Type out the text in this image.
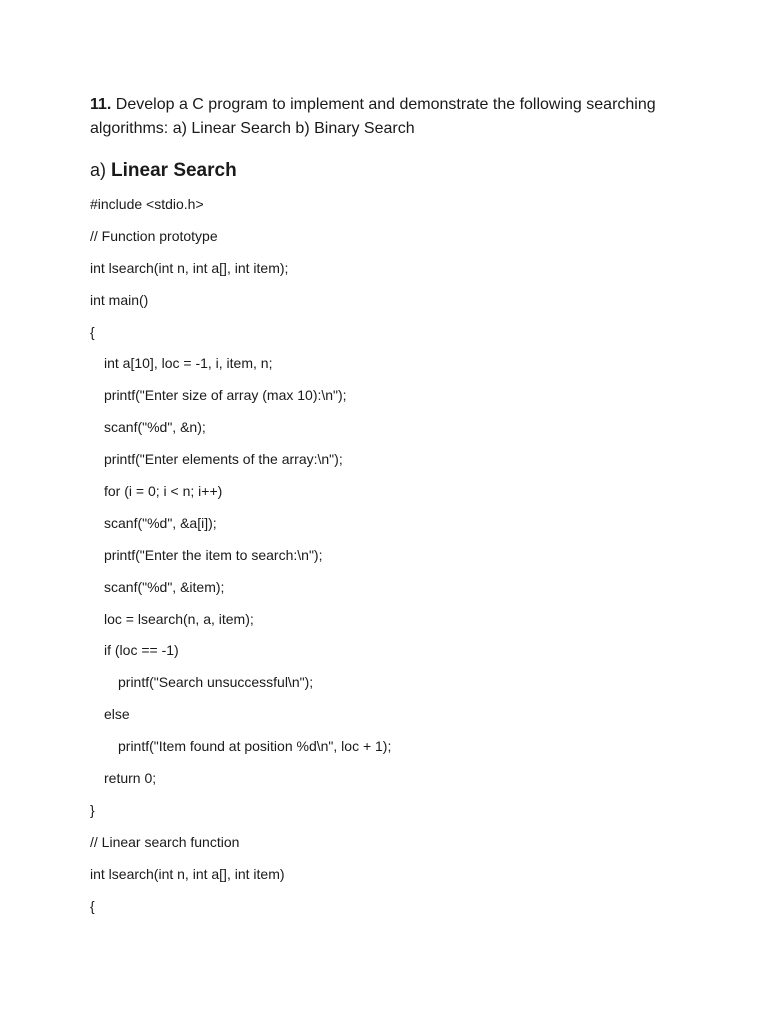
11. Develop a C program to implement and demonstrate the following searching algorithms: a) Linear Search b) Binary Search
a) Linear Search
#include <stdio.h>
// Function prototype
int lsearch(int n, int a[], int item);
int main()
{
int a[10], loc = -1, i, item, n;
printf("Enter size of array (max 10):\n");
scanf("%d", &n);
printf("Enter elements of the array:\n");
for (i = 0; i < n; i++)
scanf("%d", &a[i]);
printf("Enter the item to search:\n");
scanf("%d", &item);
loc = lsearch(n, a, item);
if (loc == -1)
printf("Search unsuccessful\n");
else
printf("Item found at position %d\n", loc + 1);
return 0;
}
// Linear search function
int lsearch(int n, int a[], int item)
{
